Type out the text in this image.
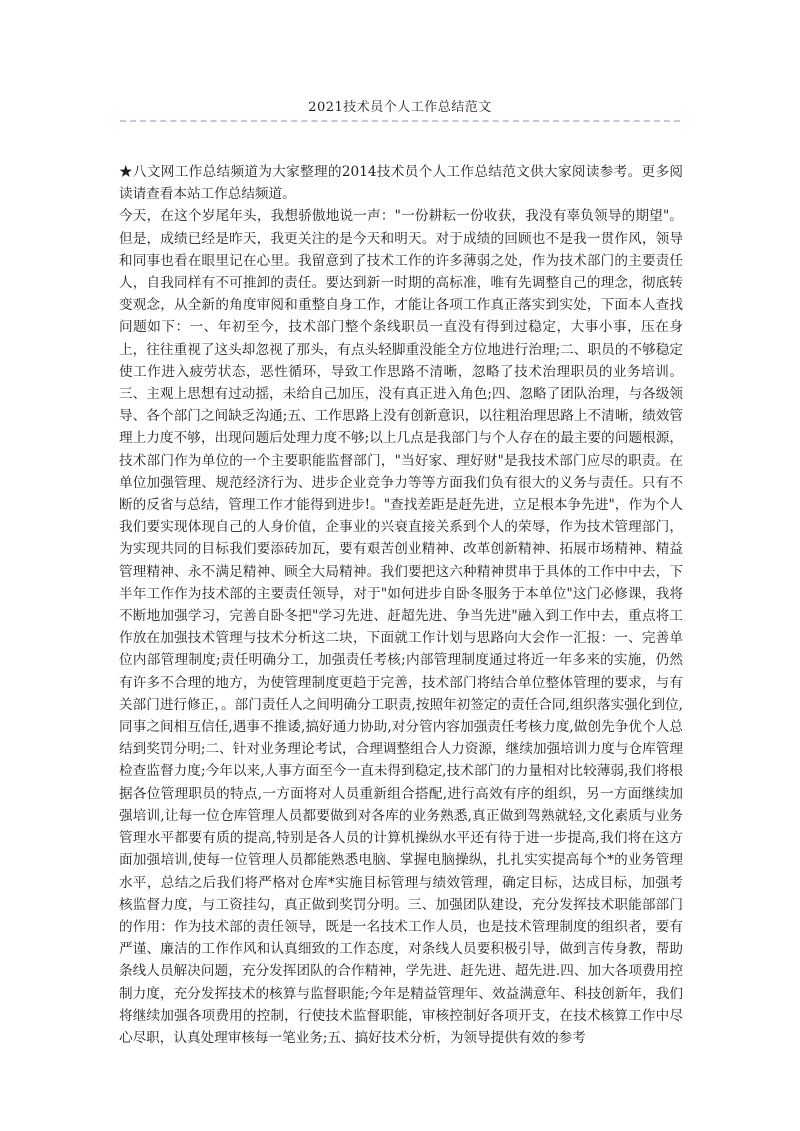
2021技术员个人工作总结范文

★八文网工作总结频道为大家整理的2014技术员个人工作总结范文供大家阅读参考。更多阅读请查看本站工作总结频道。

今天，在这个岁尾年头，我想骄傲地说一声："一份耕耘一份收获，我没有辜负领导的期望"。但是，成绩已经是昨天，我更关注的是今天和明天。对于成绩的回顾也不是我一贯作风，领导和同事也看在眼里记在心里。我留意到了技术工作的许多薄弱之处，作为技术部门的主要责任人，自我同样有不可推卸的责任。要达到新一时期的高标准，唯有先调整自己的理念，彻底转变观念，从全新的角度审阅和重整自身工作，才能让各项工作真正落实到实处，下面本人查找问题如下：一、年初至今，技术部门整个条线职员一直没有得到过稳定，大事小事，压在身上，往往重视了这头却忽视了那头，有点头轻脚重没能全方位地进行治理;二、职员的不够稳定使工作进入疲劳状态，恶性循环，导致工作思路不清晰，忽略了技术治理职员的业务培训。三、主观上思想有过动摇，未给自己加压，没有真正进入角色;四、忽略了团队治理，与各级领导、各个部门之间缺乏沟通;五、工作思路上没有创新意识，以往粗治理思路上不清晰，绩效管理上力度不够，出现问题后处理力度不够;以上几点是我部门与个人存在的最主要的问题根源，技术部门作为单位的一个主要职能监督部门，"当好家、理好财"是我技术部门应尽的职责。在单位加强管理、规范经济行为、进步企业竞争力等等方面我们负有很大的义务与责任。只有不断的反省与总结，管理工作才能得到进步!。"查找差距是赶先进，立足根本争先进"，作为个人我们要实现体现自己的人身价值，企事业的兴衰直接关系到个人的荣辱，作为技术管理部门，为实现共同的目标我们要添砖加瓦，要有艰苦创业精神、改革创新精神、拓展市场精神、精益管理精神、永不满足精神、顾全大局精神。我们要把这六种精神贯串于具体的工作中中去，下半年工作作为技术部的主要责任领导，对于"如何进步自卧冬服务于本单位"这门必修课，我将不断地加强学习，完善自卧冬把"学习先进、赶超先进、争当先进"融入到工作中去，重点将工作放在加强技术管理与技术分析这二块，下面就工作计划与思路向大会作一汇报：一、完善单位内部管理制度;责任明确分工，加强责任考核;内部管理制度通过将近一年多来的实施，仍然有许多不合理的地方，为使管理制度更趋于完善，技术部门将结合单位整体管理的要求，与有关部门进行修正，。部门责任人之间明确分工职责,按照年初签定的责任合同,组织落实强化到位,同事之间相互信任,遇事不推诿,搞好通力协助,对分管内容加强责任考核力度,做创先争优个人总结到奖罚分明;二、针对业务理论考试，合理调整组合人力资源，继续加强培训力度与仓库管理检查监督力度;今年以来,人事方面至今一直未得到稳定,技术部门的力量相对比较薄弱,我们将根据各位管理职员的特点,一方面将对人员重新组合搭配,进行高效有序的组织，另一方面继续加强培训,让每一位仓库管理人员都要做到对各库的业务熟悉,真正做到驾熟就轻,文化素质与业务管理水平都要有质的提高,特别是各人员的计算机操纵水平还有待于进一步提高,我们将在这方面加强培训,使每一位管理人员都能熟悉电脑、掌握电脑操纵，扎扎实实提高每个*的业务管理水平，总结之后我们将严格对仓库*实施目标管理与绩效管理，确定目标，达成目标，加强考核监督力度，与工资挂勾，真正做到奖罚分明。三、加强团队建设，充分发挥技术职能部部门的作用：作为技术部的责任领导，既是一名技术工作人员，也是技术管理制度的组织者，要有严谨、廉洁的工作作风和认真细致的工作态度，对条线人员要积极引导，做到言传身教，帮助条线人员解决问题，充分发挥团队的合作精神，学先进、赶先进、超先进.四、加大各项费用控制力度，充分发挥技术的核算与监督职能;今年是精益管理年、效益满意年、科技创新年，我们将继续加强各项费用的控制，行使技术监督职能，审核控制好各项开支，在技术核算工作中尽心尽职，认真处理审核每一笔业务;五、搞好技术分析，为领导提供有效的参考
